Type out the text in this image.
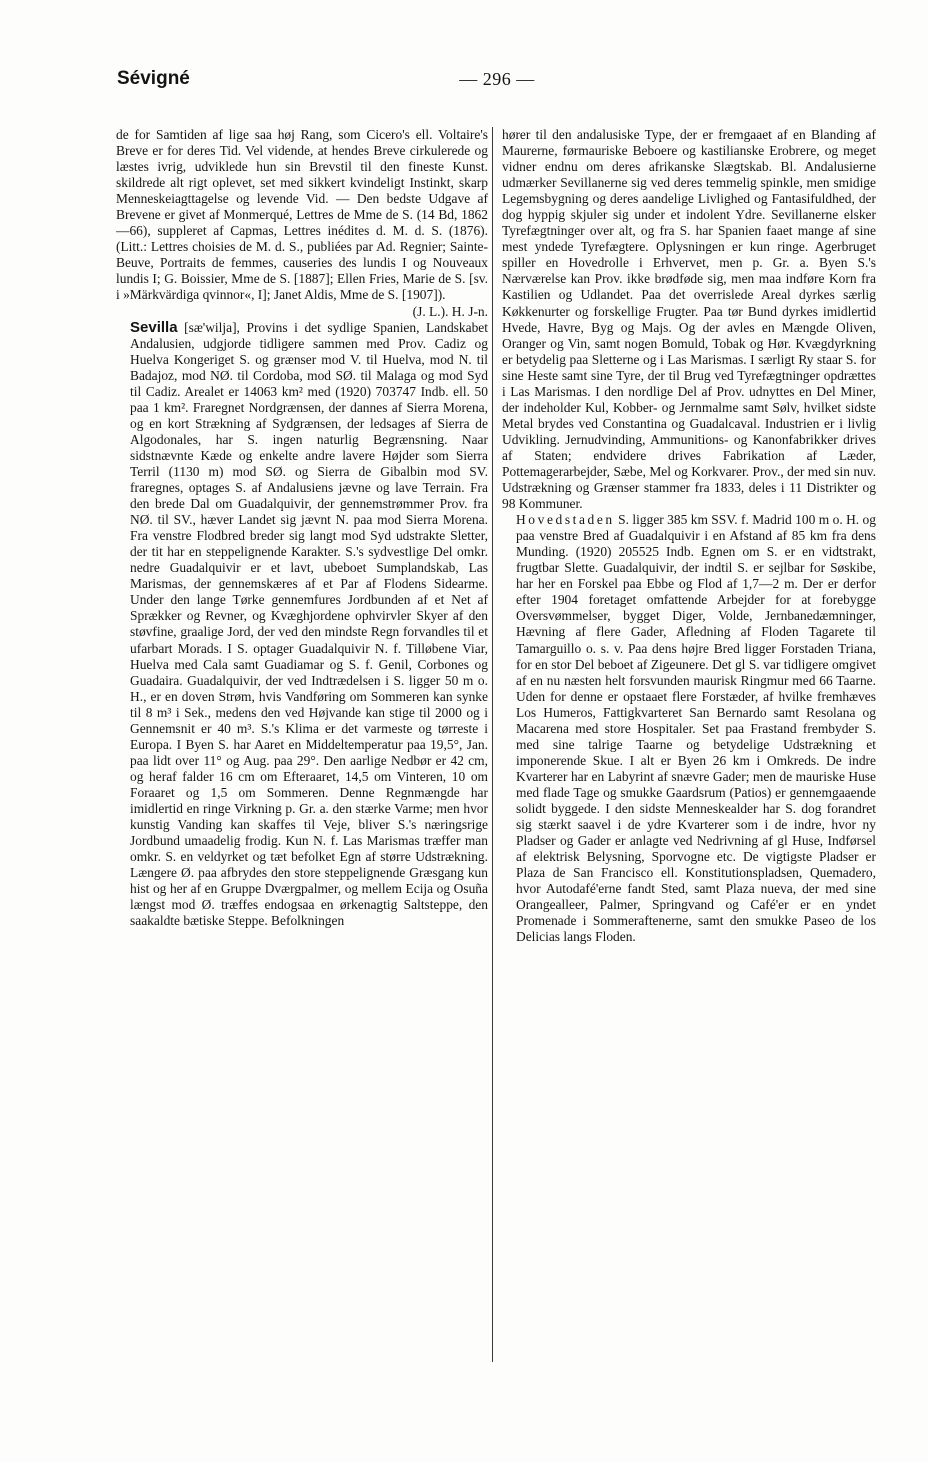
Sévigné	— 296 —

de for Samtiden af lige saa høj Rang, som Cicero's ell. Voltaire's Breve er for deres Tid. Vel vidende, at hendes Breve cirkulerede og læstes ivrig, udviklede hun sin Brevstil til den fineste Kunst. skildrede alt rigt oplevet, set med sikkert kvindeligt Instinkt, skarp Menneskeiagttagelse og levende Vid. — Den bedste Udgave af Brevene er givet af Monmerqué, Lettres de Mme de S. (14 Bd, 1862—66), suppleret af Capmas, Lettres inédites d. M. d. S. (1876). (Litt.: Lettres choisies de M. d. S., publiées par Ad. Regnier; Sainte-Beuve, Portraits de femmes, causeries des lundis I og Nouveaux lundis I; G. Boissier, Mme de S. [1887]; Ellen Fries, Marie de S. [sv. i »Märkvärdiga qvinnor«, I]; Janet Aldis, Mme de S. [1907]).

(J. L.). H. J-n.

Sevilla [sæ'wilja], Provins i det sydlige Spanien, Landskabet Andalusien, udgjorde tidligere sammen med Prov. Cadiz og Huelva Kongeriget S. og grænser mod V. til Huelva, mod N. til Badajoz, mod NØ. til Cordoba, mod SØ. til Malaga og mod Syd til Cadiz. Arealet er 14063 km² med (1920) 703747 Indb. ell. 50 paa 1 km². Fraregnet Nordgrænsen, der dannes af Sierra Morena, og en kort Strækning af Sydgrænsen, der ledsages af Sierra de Algodonales, har S. ingen naturlig Begrænsning. Naar sidstnævnte Kæde og enkelte andre lavere Højder som Sierra Terril (1130 m) mod SØ. og Sierra de Gibalbin mod SV. fraregnes, optages S. af Andalusiens jævne og lave Terrain. Fra den brede Dal om Guadalquivir, der gennemstrømmer Prov. fra NØ. til SV., hæver Landet sig jævnt N. paa mod Sierra Morena. Fra venstre Flodbred breder sig langt mod Syd udstrakte Sletter, der tit har en steppelignende Karakter. S.'s sydvestlige Del omkr. nedre Guadalquivir er et lavt, ubeboet Sumplandskab, Las Marismas, der gennemskæres af et Par af Flodens Sidearme. Under den lange Tørke gennemfures Jordbunden af et Net af Sprækker og Revner, og Kvæghjordene ophvirvler Skyer af den støvfine, graalige Jord, der ved den mindste Regn forvandles til et ufarbart Morads. I S. optager Guadalquivir N. f. Tilløbene Viar, Huelva med Cala samt Guadiamar og S. f. Genil, Corbones og Guadaira. Guadalquivir, der ved Indtrædelsen i S. ligger 50 m o. H., er en doven Strøm, hvis Vandføring om Sommeren kan synke til 8 m³ i Sek., medens den ved Højvande kan stige til 2000 og i Gennemsnit er 40 m³. S.'s Klima er det varmeste og tørreste i Europa. I Byen S. har Aaret en Middeltemperatur paa 19,5°, Jan. paa lidt over 11° og Aug. paa 29°. Den aarlige Nedbør er 42 cm, og heraf falder 16 cm om Efteraaret, 14,5 om Vinteren, 10 om Foraaret og 1,5 om Sommeren. Denne Regnmængde har imidlertid en ringe Virkning p. Gr. a. den stærke Varme; men hvor kunstig Vanding kan skaffes til Veje, bliver S.'s næringsrige Jordbund umaadelig frodig. Kun N. f. Las Marismas træffer man omkr. S. en veldyrket og tæt befolket Egn af større Udstrækning. Længere Ø. paa afbrydes den store steppelignende Græsgang kun hist og her af en Gruppe Dværgpalmer, og mellem Ecija og Osuña længst mod Ø. træffes endogsaa en ørkenagtig Saltsteppe, den saakaldte bætiske Steppe. Befolkningen

hører til den andalusiske Type, der er fremgaaet af en Blanding af Maurerne, førmauriske Beboere og kastilianske Erobrere, og meget vidner endnu om deres afrikanske Slægtskab. Bl. Andalusierne udmærker Sevillanerne sig ved deres temmelig spinkle, men smidige Legemsbygning og deres aandelige Livlighed og Fantasifuldhed, der dog hyppig skjuler sig under et indolent Ydre. Sevillanerne elsker Tyrefægtninger over alt, og fra S. har Spanien faaet mange af sine mest yndede Tyrefægtere. Oplysningen er kun ringe. Agerbruget spiller en Hovedrolle i Erhvervet, men p. Gr. a. Byen S.'s Nærværelse kan Prov. ikke brødføde sig, men maa indføre Korn fra Kastilien og Udlandet. Paa det overrislede Areal dyrkes særlig Køkkenurter og forskellige Frugter. Paa tør Bund dyrkes imidlertid Hvede, Havre, Byg og Majs. Og der avles en Mængde Oliven, Oranger og Vin, samt nogen Bomuld, Tobak og Hør. Kvægdyrkning er betydelig paa Sletterne og i Las Marismas. I særligt Ry staar S. for sine Heste samt sine Tyre, der til Brug ved Tyrefægtninger opdrættes i Las Marismas. I den nordlige Del af Prov. udnyttes en Del Miner, der indeholder Kul, Kobber- og Jernmalme samt Sølv, hvilket sidste Metal brydes ved Constantina og Guadalcaval. Industrien er i livlig Udvikling. Jernudvinding, Ammunitions- og Kanonfabrikker drives af Staten; endvidere drives Fabrikation af Læder, Pottemagerarbejder, Sæbe, Mel og Korkvarer. Prov., der med sin nuv. Udstrækning og Grænser stammer fra 1833, deles i 11 Distrikter og 98 Kommuner.

Hovedstaden S. ligger 385 km SSV. f. Madrid 100 m o. H. og paa venstre Bred af Guadalquivir i en Afstand af 85 km fra dens Munding. (1920) 205525 Indb. Egnen om S. er en vidtstrakt, frugtbar Slette. Guadalquivir, der indtil S. er sejlbar for Søskibe, har her en Forskel paa Ebbe og Flod af 1,7—2 m. Der er derfor efter 1904 foretaget omfattende Arbejder for at forebygge Oversvømmelser, bygget Diger, Volde, Jernbanedæmninger, Hævning af flere Gader, Afledning af Floden Tagarete til Tamarguillo o. s. v. Paa dens højre Bred ligger Forstaden Triana, for en stor Del beboet af Zigeunere. Det gl S. var tidligere omgivet af en nu næsten helt forsvunden maurisk Ringmur med 66 Taarne. Uden for denne er opstaaet flere Forstæder, af hvilke fremhæves Los Humeros, Fattigkvarteret San Bernardo samt Resolana og Macarena med store Hospitaler. Set paa Frastand frembyder S. med sine talrige Taarne og betydelige Udstrækning et imponerende Skue. I alt er Byen 26 km i Omkreds. De indre Kvarterer har en Labyrint af snævre Gader; men de mauriske Huse med flade Tage og smukke Gaardsrum (Patios) er gennemgaaende solidt byggede. I den sidste Menneskealder har S. dog forandret sig stærkt saavel i de ydre Kvarterer som i de indre, hvor ny Pladser og Gader er anlagte ved Nedrivning af gl Huse, Indførsel af elektrisk Belysning, Sporvogne etc. De vigtigste Pladser er Plaza de San Francisco ell. Konstitutionspladsen, Quemadero, hvor Autodafé'erne fandt Sted, samt Plaza nueva, der med sine Orangealleer, Palmer, Springvand og Café'er er en yndet Promenade i Sommeraftenerne, samt den smukke Paseo de los Delicias langs Floden.
